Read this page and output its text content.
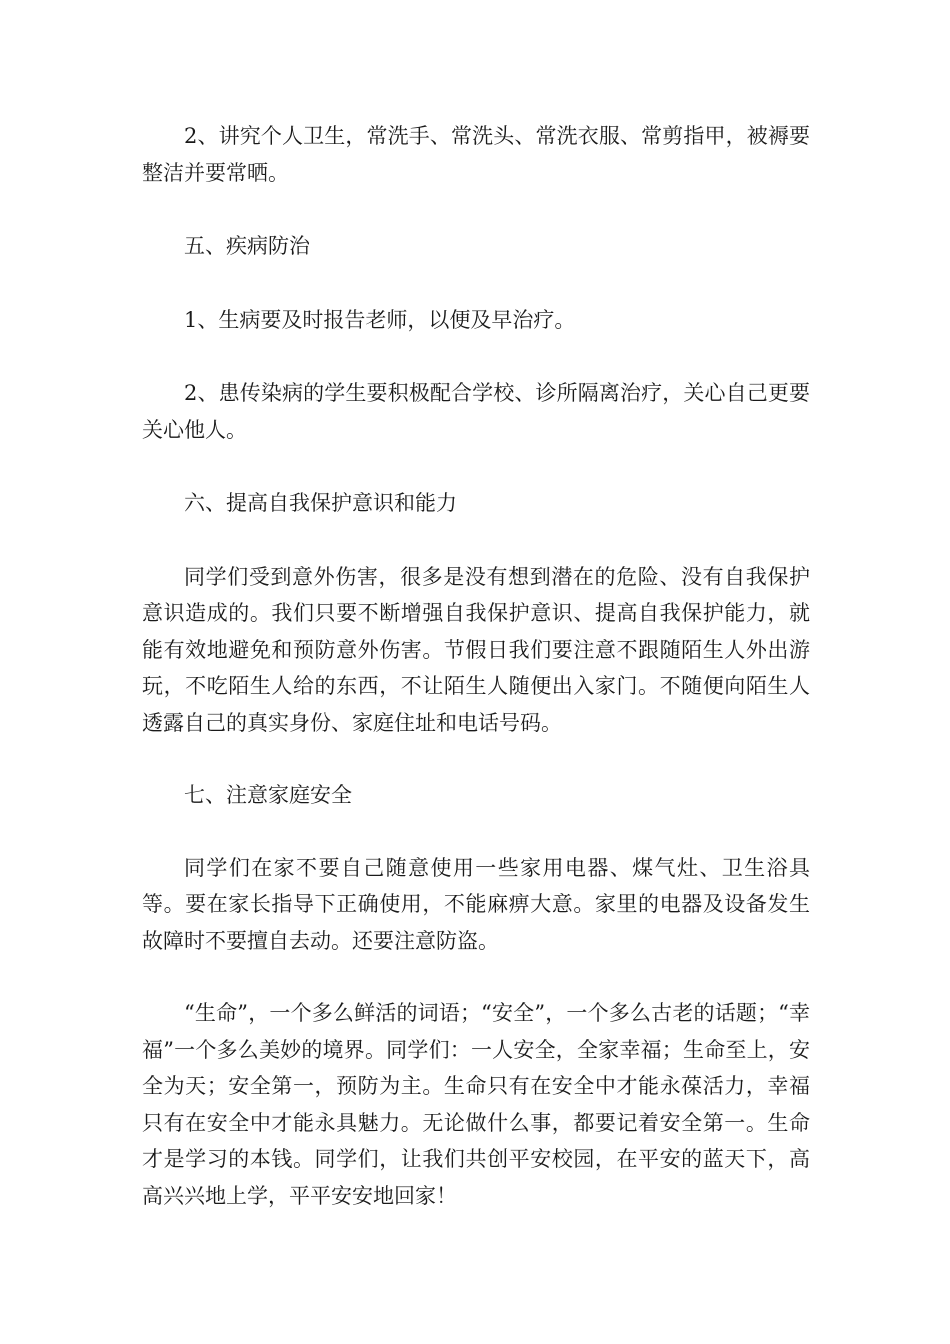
2、讲究个人卫生，常洗手、常洗头、常洗衣服、常剪指甲，被褥要整洁并要常晒。

五、疾病防治

1、生病要及时报告老师，以便及早治疗。

2、患传染病的学生要积极配合学校、诊所隔离治疗，关心自己更要关心他人。

六、提高自我保护意识和能力

同学们受到意外伤害，很多是没有想到潜在的危险、没有自我保护意识造成的。我们只要不断增强自我保护意识、提高自我保护能力，就能有效地避免和预防意外伤害。节假日我们要注意不跟随陌生人外出游玩，不吃陌生人给的东西，不让陌生人随便出入家门。不随便向陌生人透露自己的真实身份、家庭住址和电话号码。

七、注意家庭安全

同学们在家不要自己随意使用一些家用电器、煤气灶、卫生浴具等。要在家长指导下正确使用，不能麻痹大意。家里的电器及设备发生故障时不要擅自去动。还要注意防盗。

“生命”，一个多么鲜活的词语；“安全”，一个多么古老的话题；“幸福”一个多么美妙的境界。同学们：一人安全，全家幸福；生命至上，安全为天；安全第一，预防为主。生命只有在安全中才能永葆活力，幸福只有在安全中才能永具魅力。无论做什么事，都要记着安全第一。生命才是学习的本钱。同学们，让我们共创平安校园，在平安的蓝天下，高高兴兴地上学，平平安安地回家！
